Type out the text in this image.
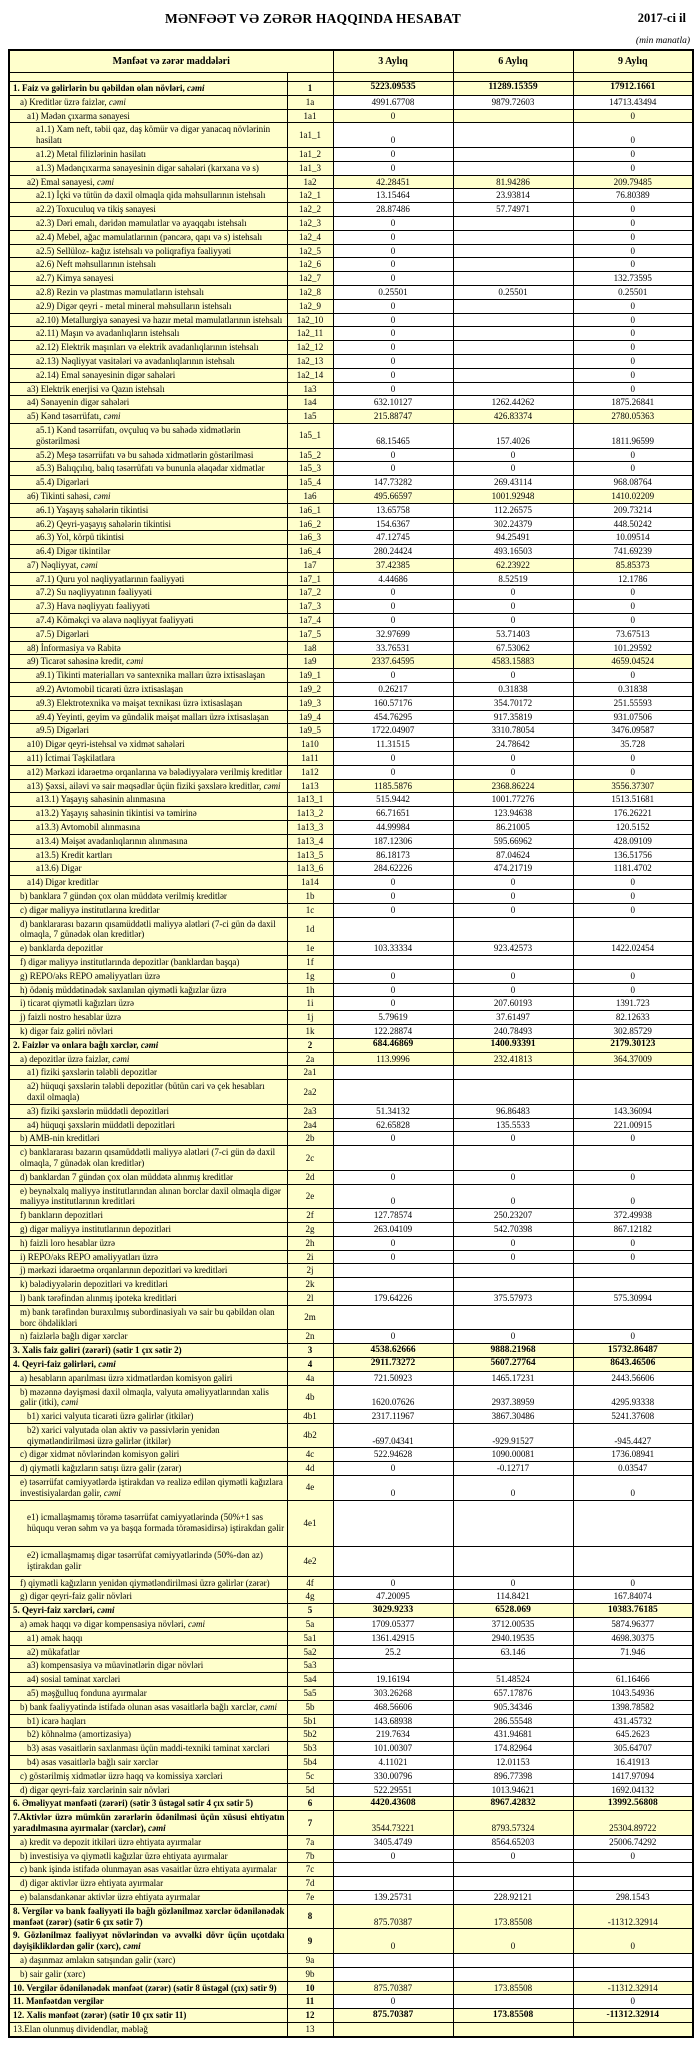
MƏNFƏƏT VƏ ZƏRƏR HAQQINDA HESABAT	2017-ci il
(min manatla)
Mənfəət və zərər maddələri		3 Aylıq	6 Aylıq	9 Aylıq

1. Faiz və gəlirlərin bu qəbildən olan növləri, cəmi	1	5223.09535	11289.15359	17912.1661
a) Kreditlər üzrə faizlər, cəmi	1a	4991.67708	9879.72603	14713.43494
a1) Mədən çıxarma sənayesi	1a1	0		0
a1.1) Xam neft, təbii qaz, daş kömür və digər yanacaq növlərinin hasilatı	1a1_1	0		0
a1.2) Metal filizlərinin hasilatı	1a1_2	0		0
a1.3) Mədənçıxarma sənayesinin digər sahələri (karxana və s)	1a1_3	0		0
a2) Emal sənayesi, cəmi	1a2	42.28451	81.94286	209.79485
a2.1) İçki və tütün də daxil olmaqla qida məhsullarının istehsalı	1a2_1	13.15464	23.93814	76.80389
a2.2) Toxuculuq və tikiş sənayesi	1a2_2	28.87486	57.74971	0
a2.3) Dəri emalı, dəridən məmulatlar və ayaqqabı istehsalı	1a2_3	0		0
a2.4) Mebel, ağac məmulatlarının (pəncərə, qapı və s) istehsalı	1a2_4	0		0
a2.5) Sellüloz- kağız istehsalı və poliqrafiya fəaliyyəti	1a2_5	0		0
a2.6) Neft məhsullarının istehsalı	1a2_6	0		0
a2.7) Kimya sənayesi	1a2_7	0		132.73595
a2.8) Rezin və plastmas məmulatların istehsalı	1a2_8	0.25501	0.25501	0.25501
a2.9) Digər qeyri - metal mineral məhsulların istehsalı	1a2_9	0		0
a2.10) Metallurgiya sənayesi və hazır metal məmulatlarının istehsalı	1a2_10	0		0
a2.11) Maşın və avadanlıqların istehsalı	1a2_11	0		0
a2.12) Elektrik maşınları və elektrik avadanlıqlarının istehsalı	1a2_12	0		0
a2.13) Nəqliyyat vasitələri və avadanlıqlarının istehsalı	1a2_13	0		0
a2.14) Emal sənayesinin digər sahələri	1a2_14	0		0
a3) Elektrik enerjisi və Qazın istehsalı	1a3	0		0
a4) Sənayenin digər sahələri	1a4	632.10127	1262.44262	1875.26841
a5) Kənd təsərrüfatı, cəmi	1a5	215.88747	426.83374	2780.05363
a5.1) Kənd təsərrüfatı, ovçuluq və bu sahədə xidmətlərin göstərilməsi	1a5_1	68.15465	157.4026	1811.96599
a5.2) Meşə təsərrüfatı və bu sahədə xidmətlərin göstərilməsi	1a5_2	0	0	0
a5.3) Balıqçılıq, balıq təsərrüfatı və bununla əlaqədar xidmətlər	1a5_3	0	0	0
a5.4) Digərləri	1a5_4	147.73282	269.43114	968.08764
a6) Tikinti sahəsi, cəmi	1a6	495.66597	1001.92948	1410.02209
a6.1) Yaşayış sahələrin tikintisi	1a6_1	13.65758	112.26575	209.73214
a6.2) Qeyri-yaşayış sahələrin tikintisi	1a6_2	154.6367	302.24379	448.50242
a6.3) Yol, körpü tikintisi	1a6_3	47.12745	94.25491	10.09514
a6.4) Digər tikintilər	1a6_4	280.24424	493.16503	741.69239
a7) Nəqliyyat, cəmi	1a7	37.42385	62.23922	85.85373
a7.1) Quru yol nəqliyyatlarının fəaliyyəti	1a7_1	4.44686	8.52519	12.1786
a7.2) Su nəqliyyatının fəaliyyəti	1a7_2	0	0	0
a7.3) Hava nəqliyyatı fəaliyyəti	1a7_3	0	0	0
a7.4) Köməkçi və əlavə nəqliyyat fəaliyyəti	1a7_4	0	0	0
a7.5) Digərləri	1a7_5	32.97699	53.71403	73.67513
a8) İnformasiya və Rabitə	1a8	33.76531	67.53062	101.29592
a9) Ticarət sahəsinə kredit, cəmi	1a9	2337.64595	4583.15883	4659.04524
a9.1) Tikinti materialları və santexnika malları üzrə ixtisaslaşan	1a9_1	0	0	0
a9.2) Avtomobil ticarəti üzrə ixtisaslaşan	1a9_2	0.26217	0.31838	0.31838
a9.3) Elektrotexnika və məişət texnikası üzrə ixtisaslaşan	1a9_3	160.57176	354.70172	251.55593
a9.4) Yeyinti, geyim və gündəlik məişət malları üzrə ixtisaslaşan	1a9_4	454.76295	917.35819	931.07506
a9.5) Digərləri	1a9_5	1722.04907	3310.78054	3476.09587
a10) Digər qeyri-istehsal və xidmət sahələri	1a10	11.31515	24.78642	35.728
a11) İctimai Təşkilatlara	1a11	0	0	0
a12) Mərkəzi idarəetmə orqanlarına və bələdiyyələrə verilmiş kreditlər	1a12	0	0	0
a13) Şəxsi, ailəvi və sair məqsədlər üçün fiziki şəxslərə kreditlər, cəmi	1a13	1185.5876	2368.86224	3556.37307
a13.1) Yaşayış sahəsinin alınmasına	1a13_1	515.9442	1001.77276	1513.51681
a13.2) Yaşayış sahəsinin tikintisi və təmirinə	1a13_2	66.71651	123.94638	176.26221
a13.3) Avtomobil alınmasına	1a13_3	44.99984	86.21005	120.5152
a13.4) Məişət avadanlıqlarının alınmasına	1a13_4	187.12306	595.66962	428.09109
a13.5) Kredit kartları	1a13_5	86.18173	87.04624	136.51756
a13.6) Digər	1a13_6	284.62226	474.21719	1181.4702
a14) Digər kreditlər	1a14	0	0	0
b) banklara 7 gündən çox olan müddətə verilmiş kreditlər	1b	0	0	0
c) digər maliyyə institutlarına kreditlər	1c	0	0	0
d) banklararası bazarın qısamüddətli maliyyə alətləri (7-ci gün də daxil olmaqla, 7 günədək olan kreditlər)	1d			
e) banklarda depozitlər	1e	103.33334	923.42573	1422.02454
f) digər maliyyə institutlarında depozitlər (banklardan başqa)	1f			
g) REPO/əks REPO əməliyyatları üzrə	1g	0	0	0
h) ödəniş müddətinədək saxlanılan qiymətli kağızlar üzrə	1h	0	0	0
i) ticarət qiymətli kağızları üzrə	1i	0	207.60193	1391.723
j) faizli nostro hesablar üzrə	1j	5.79619	37.61497	82.12633
k) digər faiz gəliri növləri	1k	122.28874	240.78493	302.85729
2. Faizlər və onlara bağlı xərclər, cəmi	2	684.46869	1400.93391	2179.30123
a) depozitlər üzrə faizlər, cəmi	2a	113.9996	232.41813	364.37009
a1) fiziki şəxslərin tələbli depozitlər	2a1			
a2) hüquqi şəxslərin tələbli depozitlər (bütün cari və çek hesabları daxil olmaqla)	2a2			
a3) fiziki şəxslərin müddətli depozitləri	2a3	51.34132	96.86483	143.36094
a4) hüquqi şəxslərin müddətli depozitləri	2a4	62.65828	135.5533	221.00915
b) AMB-nin kreditləri	2b	0	0	0
c) banklararası bazarın qısamüddətli maliyyə alətləri (7-ci gün də daxil olmaqla, 7 günədək olan kreditlər)	2c			
d) banklardan 7 gündən çox olan müddətə alınmış kreditlər	2d	0	0	0
e) beynəlxalq maliyyə institutlarından alınan borclar daxil olmaqla digər maliyyə institutlarının kreditləri	2e	0	0	0
f) bankların depozitləri	2f	127.78574	250.23207	372.49938
g) digər maliyyə institutlarının depozitləri	2g	263.04109	542.70398	867.12182
h) faizli loro hesablar üzrə	2h	0	0	0
i) REPO/əks REPO əməliyyatları üzrə	2i	0	0	0
j) mərkəzi idarəetmə orqanlarının depozitləri və kreditləri	2j			
k) bələdiyyələrin depozitləri və kreditləri	2k			
l) bank tərəfindən alınmış ipoteka kreditləri	2l	179.64226	375.57973	575.30994
m) bank tərəfindən buraxılmış subordinasiyalı və sair bu qəbildən olan borc öhdəlikləri	2m			
n) faizlərlə bağlı digər xərclər	2n	0	0	0
3. Xalis faiz gəliri (zərəri) (sətir 1 çıx sətir 2)	3	4538.62666	9888.21968	15732.86487
4. Qeyri-faiz gəlirləri, cəmi	4	2911.73272	5607.27764	8643.46506
a) hesabların aparılması üzrə xidmətlərdən komisyon gəliri	4a	721.50923	1465.17231	2443.56606
b) məzənnə dəyişməsi daxil olmaqla, valyuta əməliyyatlarından xalis gəlir (itki), cəmi	4b	1620.07626	2937.38959	4295.93338
b1) xarici valyuta ticarəti üzrə gəlirlər (itkilər)	4b1	2317.11967	3867.30486	5241.37608
b2) xarici valyutada olan aktiv və passivlərin yenidən qiymətləndirilməsi üzrə gəlirlər (itkilər)	4b2	-697.04341	-929.91527	-945.4427
c) digər xidmət növlərindən komisyon gəliri	4c	522.94628	1090.00081	1736.08941
d) qiymətli kağızların satışı üzrə gəlir (zərər)	4d	0	-0.12717	0.03547
e) təsərrüfat cəmiyyətlərdə iştirakdan və realizə edilən qiymətli kağızlara investisiyalardan gəlir, cəmi	4e	0	0	0
e1) icmallaşmamış törəmə təsərrüfat cəmiyyətlərində (50%+1 səs hüququ verən səhm və ya başqa formada törəməsidirsə) iştirakdan gəlir	4e1			
e2) icmallaşmamış digər təsərrüfat cəmiyyətlərində (50%-dən az) iştirakdan gəlir	4e2			
f) qiymətli kağızların yenidən qiymətləndirilməsi üzrə gəlirlər (zərər)	4f	0	0	0
g) digər qeyri-faiz gəlir növləri	4g	47.20095	114.8421	167.84074
5. Qeyri-faiz xərcləri, cəmi	5	3029.9233	6528.069	10383.76185
a) əmək haqqı və digər kompensasiya növləri, cəmi	5a	1709.05377	3712.00535	5874.96377
a1) əmək haqqı	5a1	1361.42915	2940.19535	4698.30375
a2) mükafatlar	5a2	25.2	63.146	71.946
a3) kompensasiya və müavinətlərin digər növləri	5a3			
a4) sosial təminat xərcləri	5a4	19.16194	51.48524	61.16466
a5) məşğulluq fonduna ayırmalar	5a5	303.26268	657.17876	1043.54936
b) bank fəaliyyətində istifadə olunan əsas vəsaitlərlə bağlı xərclər, cəmi	5b	468.56606	905.34346	1398.78582
b1) icarə haqları	5b1	143.68938	286.55548	431.45732
b2) köhnəlmə (amortizasiya)	5b2	219.7634	431.94681	645.2623
b3) əsas vəsaitlərin saxlanması üçün maddi-texniki təminat xərcləri	5b3	101.00307	174.82964	305.64707
b4) əsas vəsaitlərlə bağlı sair xərclər	5b4	4.11021	12.01153	16.41913
c) göstərilmiş xidmətlər üzrə haqq və komissiya xərcləri	5c	330.00796	896.77398	1417.97094
d) digər qeyri-faiz xərclərinin sair növləri	5d	522.29551	1013.94621	1692.04132
6. Əməliyyat mənfəəti (zərəri) (sətir 3 üstəgəl sətir 4 çıx sətir 5)	6	4420.43608	8967.42832	13992.56808
7.Aktivlər üzrə mümkün zərərlərin ödənilməsi üçün xüsusi ehtiyatın yaradılmasına ayırmalar (xərclər), cəmi	7	3544.73221	8793.57324	25304.89722
a) kredit və depozit itkiləri üzrə ehtiyata ayırmalar	7a	3405.4749	8564.65203	25006.74292
b) investisiya və qiymətli kağızlar üzrə ehtiyata ayırmalar	7b	0	0	0
c) bank işində istifadə olunmayan əsas vəsaitlər üzrə ehtiyata ayırmalar	7c			
d) digər aktivlər üzrə ehtiyata ayırmalar	7d			
e) balansdankənar aktivlər üzrə ehtiyata ayırmalar	7e	139.25731	228.92121	298.1543
8. Vergilər və bank fəaliyyəti ilə bağlı gözlənilməz xərclər ödənilənədək mənfəət (zərər) (sətir 6 çıx sətir 7)	8	875.70387	173.85508	-11312.32914
9. Gözlənilməz fəaliyyət növlərindən və əvvəlki dövr üçün uçotdakı dəyişikliklərdən gəlir (xərc), cəmi	9	0	0	0
a) daşınmaz əmlakın satışından gəlir (xərc)	9a			
b) sair gəlir (xərc)	9b			
10. Vergilər ödənilənədək mənfəət (zərər) (sətir 8 üstəgəl (çıx) sətir 9)	10	875.70387	173.85508	-11312.32914
11. Mənfəətdən vergilər	11	0		0
12. Xalis mənfəət (zərər) (sətir 10 çıx sətir 11)	12	875.70387	173.85508	-11312.32914
13.Elan olunmuş dividendlər, məbləğ	13			
